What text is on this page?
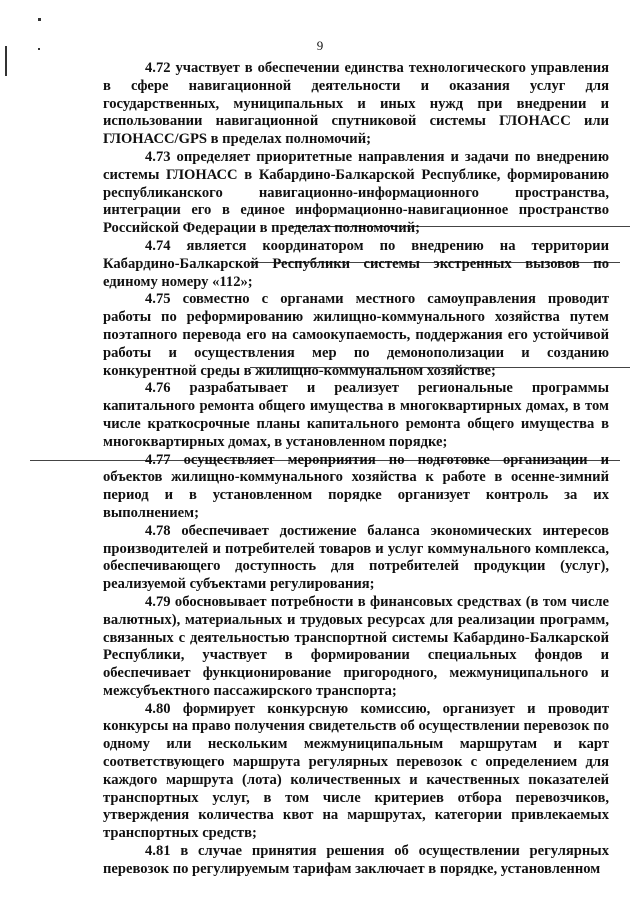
9

4.72 участвует в обеспечении единства технологического управления в сфере навигационной деятельности и оказания услуг для государственных, муниципальных и иных нужд при внедрении и использовании навигационной спутниковой системы ГЛОНАСС или ГЛОНАСС/GPS в пределах полномочий;

4.73 определяет приоритетные направления и задачи по внедрению системы ГЛОНАСС в Кабардино-Балкарской Республике, формированию республиканского навигационно-информационного пространства, интеграции его в единое информационно-навигационное пространство Российской Федерации в пределах полномочий;

4.74 является координатором по внедрению на территории Кабардино-Балкарской Республики системы экстренных вызовов по единому номеру «112»;

4.75 совместно с органами местного самоуправления проводит работы по реформированию жилищно-коммунального хозяйства путем поэтапного перевода его на самоокупаемость, поддержания его устойчивой работы и осуществления мер по демонополизации и созданию конкурентной среды в жилищно-коммунальном хозяйстве;

4.76 разрабатывает и реализует региональные программы капитального ремонта общего имущества в многоквартирных домах, в том числе краткосрочные планы капитального ремонта общего имущества в многоквартирных домах, в установленном порядке;

4.77 осуществляет мероприятия по подготовке организации и объектов жилищно-коммунального хозяйства к работе в осенне-зимний период и в установленном порядке организует контроль за их выполнением;

4.78 обеспечивает достижение баланса экономических интересов производителей и потребителей товаров и услуг коммунального комплекса, обеспечивающего доступность для потребителей продукции (услуг), реализуемой субъектами регулирования;

4.79 обосновывает потребности в финансовых средствах (в том числе валютных), материальных и трудовых ресурсах для реализации программ, связанных с деятельностью транспортной системы Кабардино-Балкарской Республики, участвует в формировании специальных фондов и обеспечивает функционирование пригородного, межмуниципального и межсубъектного пассажирского транспорта;

4.80 формирует конкурсную комиссию, организует и проводит конкурсы на право получения свидетельств об осуществлении перевозок по одному или нескольким межмуниципальным маршрутам и карт соответствующего маршрута регулярных перевозок с определением для каждого маршрута (лота) количественных и качественных показателей транспортных услуг, в том числе критериев отбора перевозчиков, утверждения количества квот на маршрутах, категории привлекаемых транспортных средств;

4.81 в случае принятия решения об осуществлении регулярных перевозок по регулируемым тарифам заключает в порядке, установленном
